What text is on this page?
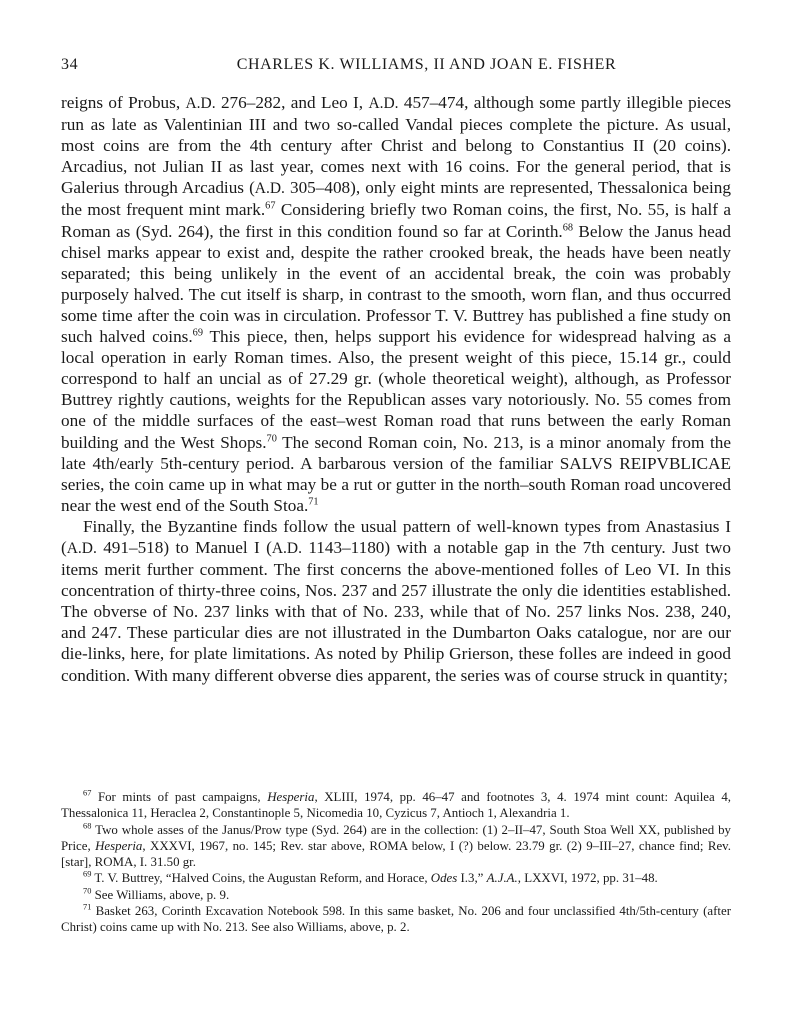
34	CHARLES K. WILLIAMS, II AND JOAN E. FISHER

reigns of Probus, A.D. 276–282, and Leo I, A.D. 457–474, although some partly illegible pieces run as late as Valentinian III and two so-called Vandal pieces complete the picture. As usual, most coins are from the 4th century after Christ and belong to Constantius II (20 coins). Arcadius, not Julian II as last year, comes next with 16 coins. For the general period, that is Galerius through Arcadius (A.D. 305–408), only eight mints are represented, Thessalonica being the most frequent mint mark.$^{67}$ Considering briefly two Roman coins, the first, No. 55, is half a Roman as (Syd. 264), the first in this condition found so far at Corinth.$^{68}$ Below the Janus head chisel marks appear to exist and, despite the rather crooked break, the heads have been neatly separated; this being unlikely in the event of an accidental break, the coin was probably purposely halved. The cut itself is sharp, in contrast to the smooth, worn flan, and thus occurred some time after the coin was in circulation. Professor T. V. Buttrey has published a fine study on such halved coins.$^{69}$ This piece, then, helps support his evidence for widespread halving as a local operation in early Roman times. Also, the present weight of this piece, 15.14 gr., could correspond to half an uncial as of 27.29 gr. (whole theoretical weight), although, as Professor Buttrey rightly cautions, weights for the Republican asses vary notoriously. No. 55 comes from one of the middle surfaces of the east–west Roman road that runs between the early Roman building and the West Shops.$^{70}$ The second Roman coin, No. 213, is a minor anomaly from the late 4th/early 5th-century period. A barbarous version of the familiar SALVS REIPVBLICAE series, the coin came up in what may be a rut or gutter in the north–south Roman road uncovered near the west end of the South Stoa.$^{71}$

Finally, the Byzantine finds follow the usual pattern of well-known types from Anastasius I (A.D. 491–518) to Manuel I (A.D. 1143–1180) with a notable gap in the 7th century. Just two items merit further comment. The first concerns the above-mentioned folles of Leo VI. In this concentration of thirty-three coins, Nos. 237 and 257 illustrate the only die identities established. The obverse of No. 237 links with that of No. 233, while that of No. 257 links Nos. 238, 240, and 247. These particular dies are not illustrated in the Dumbarton Oaks catalogue, nor are our die-links, here, for plate limitations. As noted by Philip Grierson, these folles are indeed in good condition. With many different obverse dies apparent, the series was of course struck in quantity;

$^{67}$ For mints of past campaigns, Hesperia, XLIII, 1974, pp. 46–47 and footnotes 3, 4. 1974 mint count: Aquilea 4, Thessalonica 11, Heraclea 2, Constantinople 5, Nicomedia 10, Cyzicus 7, Antioch 1, Alexandria 1.

$^{68}$ Two whole asses of the Janus/Prow type (Syd. 264) are in the collection: (1) 2–II–47, South Stoa Well XX, published by Price, Hesperia, XXXVI, 1967, no. 145; Rev. star above, ROMA below, I (?) below. 23.79 gr. (2) 9–III–27, chance find; Rev. [star], ROMA, I. 31.50 gr.

$^{69}$ T. V. Buttrey, “Halved Coins, the Augustan Reform, and Horace, Odes I.3,” A.J.A., LXXVI, 1972, pp. 31–48.

$^{70}$ See Williams, above, p. 9.

$^{71}$ Basket 263, Corinth Excavation Notebook 598. In this same basket, No. 206 and four unclassified 4th/5th-century (after Christ) coins came up with No. 213. See also Williams, above, p. 2.
